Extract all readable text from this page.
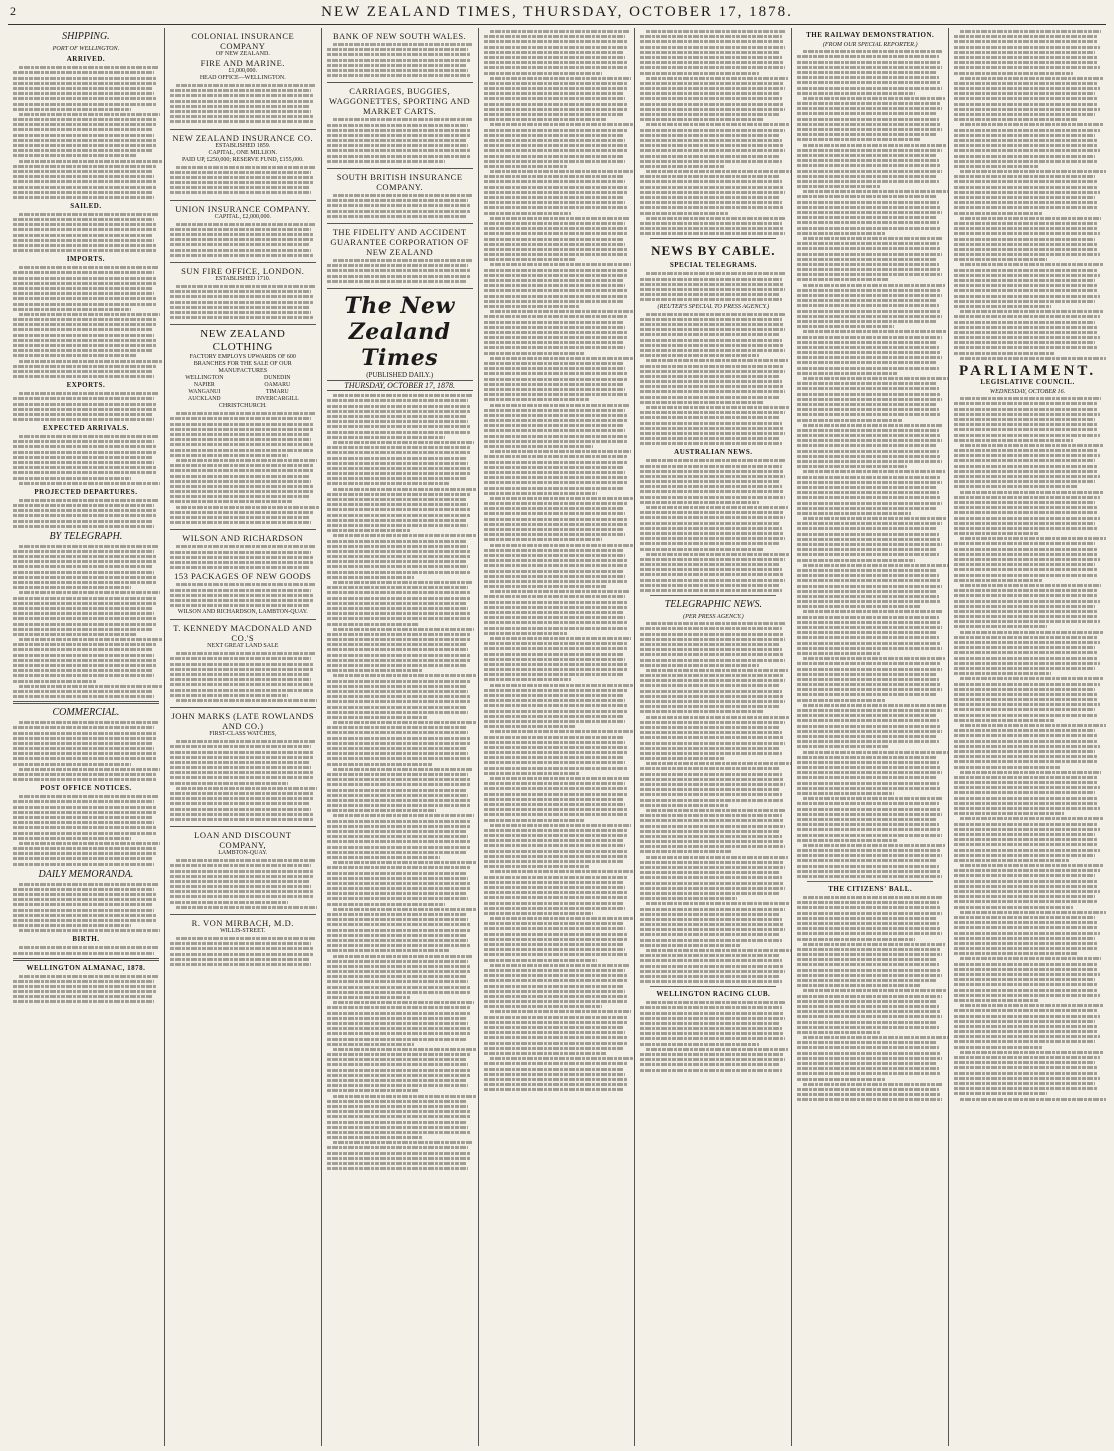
2	NEW ZEALAND TIMES, THURSDAY, OCTOBER 17, 1878.
SHIPPING.
PORT OF WELLINGTON.
ARRIVED.
SAILED.
IMPORTS.
EXPORTS.
EXPECTED ARRIVALS.
PROJECTED DEPARTURES.
BY TELEGRAPH.
COMMERCIAL.
POST OFFICE NOTICES.
DAILY MEMORANDA.
BIRTH.
WELLINGTON ALMANAC, 1878.
COLONIAL INSURANCE COMPANY
OF NEW ZEALAND.
FIRE AND MARINE.
£1,000,000.
HEAD OFFICE—WELLINGTON.
NEW ZEALAND INSURANCE CO.
ESTABLISHED 1859.
CAPITAL, ONE MILLION.
PAID UP, £250,000; RESERVE FUND, £155,000.
UNION INSURANCE COMPANY.
CAPITAL, £2,000,000.
SUN FIRE OFFICE, LONDON.
ESTABLISHED 1710.
NEW ZEALAND CLOTHING
FACTORY EMPLOYS UPWARDS OF 600
BRANCHES FOR THE SALE OF OUR MANUFACTURES
WELLINGTON	DUNEDIN
NAPIER	OAMARU
WANGANUI	TIMARU
AUCKLAND	INVERCARGILL
CHRISTCHURCH.
WILSON AND RICHARDSON
153 PACKAGES OF NEW GOODS
WILSON AND RICHARDSON, LAMBTON-QUAY.
T. KENNEDY MACDONALD AND CO.'S
NEXT GREAT LAND SALE
JOHN MARKS (LATE ROWLANDS AND CO.)
FIRST-CLASS WATCHES,
LOAN AND DISCOUNT COMPANY,
LAMBTON-QUAY.
R. VON MIRBACH, M.D.
WILLIS-STREET.
BANK OF NEW SOUTH WALES.
CARRIAGES, BUGGIES, WAGGONETTES, SPORTING AND MARKET CARTS.
SOUTH BRITISH INSURANCE COMPANY.
THE FIDELITY AND ACCIDENT GUARANTEE CORPORATION OF NEW ZEALAND
The New Zealand Times
(PUBLISHED DAILY.)
THURSDAY, OCTOBER 17, 1878.
NEWS BY CABLE.
SPECIAL TELEGRAMS.
(REUTER'S SPECIAL TO PRESS AGENCY.)
AUSTRALIAN NEWS.
TELEGRAPHIC NEWS.
(PER PRESS AGENCY.)
WELLINGTON RACING CLUB.
THE RAILWAY DEMONSTRATION.
(FROM OUR SPECIAL REPORTER.)
THE CITIZENS' BALL.
PARLIAMENT.
LEGISLATIVE COUNCIL.
WEDNESDAY, OCTOBER 16.
